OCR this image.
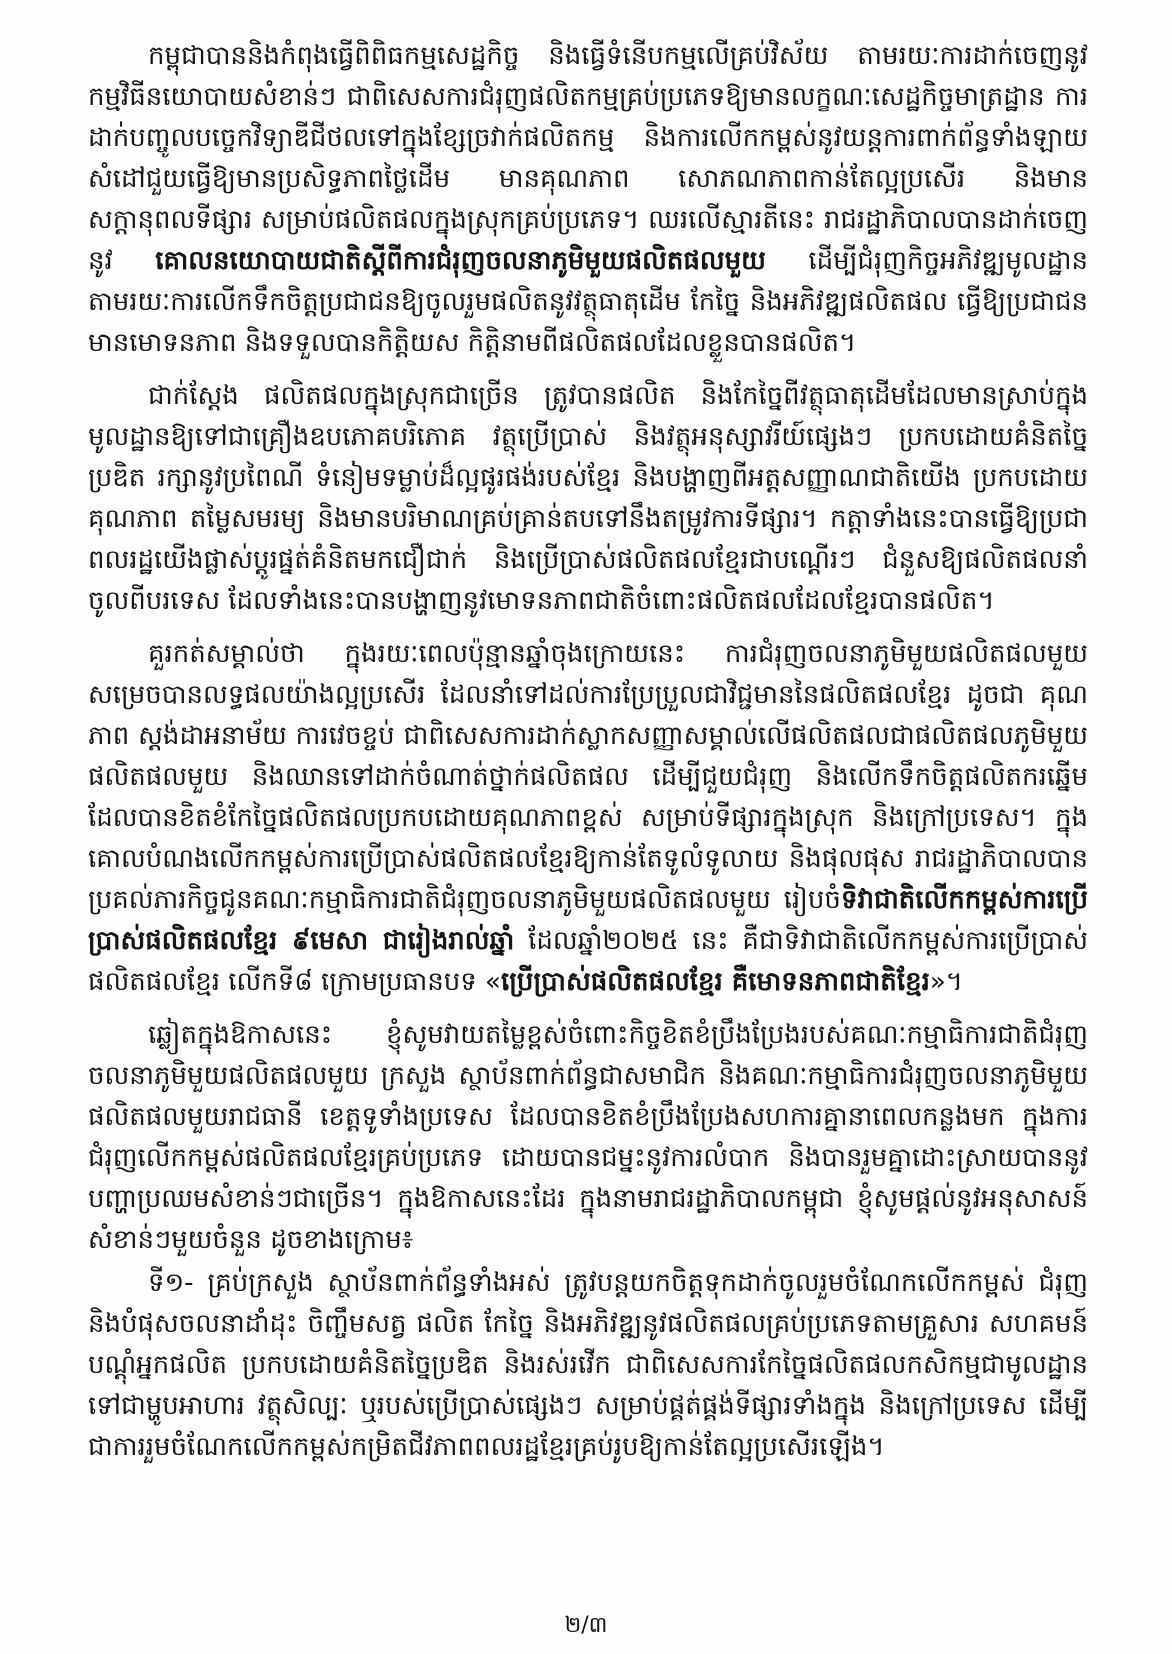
កម្ពុជាបាននិងកំពុងធ្វើពិពិធកម្មសេដ្ឋកិច្ច និងធ្វើទំនើបកម្មលើគ្រប់វិស័យ តាមរយៈការដាក់ចេញនូវកម្មវិធីនយោបាយសំខាន់ៗ ជាពិសេសការជំរុញផលិតកម្មគ្រប់ប្រភេទឱ្យមានលក្ខណៈសេដ្ឋកិច្ចមាត្រដ្ឋាន ការដាក់បញ្ចូលបច្ចេកវិទ្យាឌីជីថលទៅក្នុងខ្សែច្រវាក់ផលិតកម្ម និងការលើកកម្ពស់នូវយន្តការពាក់ព័ន្ធទាំងឡាយ សំដៅជួយធ្វើឱ្យមានប្រសិទ្ធភាពថ្លៃដើម មានគុណភាព សោភណភាពកាន់តែល្អប្រសើរ និងមានសក្តានុពលទីផ្សារ សម្រាប់ផលិតផលក្នុងស្រុកគ្រប់ប្រភេទ។ ឈរលើស្មារតីនេះ រាជរដ្ឋាភិបាលបានដាក់ចេញនូវ គោលនយោបាយជាតិស្តីពីការជំរុញចលនាភូមិមួយផលិតផលមួយ ដើម្បីជំរុញកិច្ចអភិវឌ្ឍមូលដ្ឋាន តាមរយៈការលើកទឹកចិត្តប្រជាជនឱ្យចូលរួមផលិតនូវវត្ថុធាតុដើម កែច្នៃ និងអភិវឌ្ឍផលិតផល ធ្វើឱ្យប្រជាជនមានមោទនភាព និងទទួលបានកិត្តិយស កិត្តិនាមពីផលិតផលដែលខ្លួនបានផលិត។

ជាក់ស្តែង ផលិតផលក្នុងស្រុកជាច្រើន ត្រូវបានផលិត និងកែច្នៃពីវត្ថុធាតុដើមដែលមានស្រាប់ក្នុងមូលដ្ឋានឱ្យទៅជាគ្រឿងឧបភោគបរិភោគ វត្ថុប្រើប្រាស់ និងវត្ថុអនុស្សាវរីយ៍ផ្សេងៗ ប្រកបដោយគំនិតច្នៃប្រឌិត រក្សានូវប្រពៃណី ទំនៀមទម្លាប់ដ៏ល្អផូរផង់របស់ខ្មែរ និងបង្ហាញពីអត្តសញ្ញាណជាតិយើង ប្រកបដោយគុណភាព តម្លៃសមរម្យ និងមានបរិមាណគ្រប់គ្រាន់តបទៅនឹងតម្រូវការទីផ្សារ។ កត្តាទាំងនេះបានធ្វើឱ្យប្រជាពលរដ្ឋយើងផ្លាស់ប្តូរផ្នត់គំនិតមកជឿជាក់ និងប្រើប្រាស់ផលិតផលខ្មែរជាបណ្តើរៗ ជំនួសឱ្យផលិតផលនាំចូលពីបរទេស ដែលទាំងនេះបានបង្ហាញនូវមោទនភាពជាតិចំពោះផលិតផលដែលខ្មែរបានផលិត។

គួរកត់សម្គាល់ថា ក្នុងរយៈពេលប៉ុន្មានឆ្នាំចុងក្រោយនេះ ការជំរុញចលនាភូមិមួយផលិតផលមួយ សម្រេចបានលទ្ធផលយ៉ាងល្អប្រសើរ ដែលនាំទៅដល់ការប្រែប្រួលជាវិជ្ជមាននៃផលិតផលខ្មែរ ដូចជា គុណភាព ស្តង់ដាអនាម័យ ការវេចខ្ចប់ ជាពិសេសការដាក់ស្លាកសញ្ញាសម្គាល់លើផលិតផលជាផលិតផលភូមិមួយផលិតផលមួយ និងឈានទៅដាក់ចំណាត់ថ្នាក់ផលិតផល ដើម្បីជួយជំរុញ និងលើកទឹកចិត្តផលិតករឆ្នើម ដែលបានខិតខំកែច្នៃផលិតផលប្រកបដោយគុណភាពខ្ពស់ សម្រាប់ទីផ្សារក្នុងស្រុក និងក្រៅប្រទេស។ ក្នុងគោលបំណងលើកកម្ពស់ការប្រើប្រាស់ផលិតផលខ្មែរឱ្យកាន់តែទូលំទូលាយ និងផុលផុស រាជរដ្ឋាភិបាលបានប្រគល់ភារកិច្ចជូនគណៈកម្មាធិការជាតិជំរុញចលនាភូមិមួយផលិតផលមួយ រៀបចំទិវាជាតិលើកកម្ពស់ការប្រើប្រាស់ផលិតផលខ្មែរ ៩មេសា ជារៀងរាល់ឆ្នាំ ដែលឆ្នាំ២០២៥ នេះ គឺជាទិវាជាតិលើកកម្ពស់ការប្រើប្រាស់ផលិតផលខ្មែរ លើកទី៨ ក្រោមប្រធានបទ «ប្រើប្រាស់ផលិតផលខ្មែរ គឺមោទនភាពជាតិខ្មែរ»។

ឆ្លៀតក្នុងឱកាសនេះ ខ្ញុំសូមវាយតម្លៃខ្ពស់ចំពោះកិច្ចខិតខំប្រឹងប្រែងរបស់គណៈកម្មាធិការជាតិជំរុញចលនាភូមិមួយផលិតផលមួយ ក្រសួង ស្ថាប័នពាក់ព័ន្ធជាសមាជិក និងគណៈកម្មាធិការជំរុញចលនាភូមិមួយផលិតផលមួយរាជធានី ខេត្តទូទាំងប្រទេស ដែលបានខិតខំប្រឹងប្រែងសហការគ្នានាពេលកន្លងមក ក្នុងការជំរុញលើកកម្ពស់ផលិតផលខ្មែរគ្រប់ប្រភេទ ដោយបានជម្នះនូវការលំបាក និងបានរួមគ្នាដោះស្រាយបាននូវបញ្ហាប្រឈមសំខាន់ៗជាច្រើន។ ក្នុងឱកាសនេះដែរ ក្នុងនាមរាជរដ្ឋាភិបាលកម្ពុជា ខ្ញុំសូមផ្តល់នូវអនុសាសន៍សំខាន់ៗមួយចំនួន ដូចខាងក្រោម៖

ទី១- គ្រប់ក្រសួង ស្ថាប័នពាក់ព័ន្ធទាំងអស់ ត្រូវបន្តយកចិត្តទុកដាក់ចូលរួមចំណែកលើកកម្ពស់ ជំរុញ និងបំផុសចលនាដាំដុះ ចិញ្ចឹមសត្វ ផលិត កែច្នៃ និងអភិវឌ្ឍនូវផលិតផលគ្រប់ប្រភេទតាមគ្រួសារ សហគមន៍ បណ្តុំអ្នកផលិត ប្រកបដោយគំនិតច្នៃប្រឌិត និងរស់រវើក ជាពិសេសការកែច្នៃផលិតផលកសិកម្មជាមូលដ្ឋានទៅជាម្ហូបអាហារ វត្ថុសិល្បៈ ឬរបស់ប្រើប្រាស់ផ្សេងៗ សម្រាប់ផ្គត់ផ្គង់ទីផ្សារទាំងក្នុង និងក្រៅប្រទេស ដើម្បីជាការរួមចំណែកលើកកម្ពស់កម្រិតជីវភាពពលរដ្ឋខ្មែរគ្រប់រូបឱ្យកាន់តែល្អប្រសើរឡើង។

២/៣
